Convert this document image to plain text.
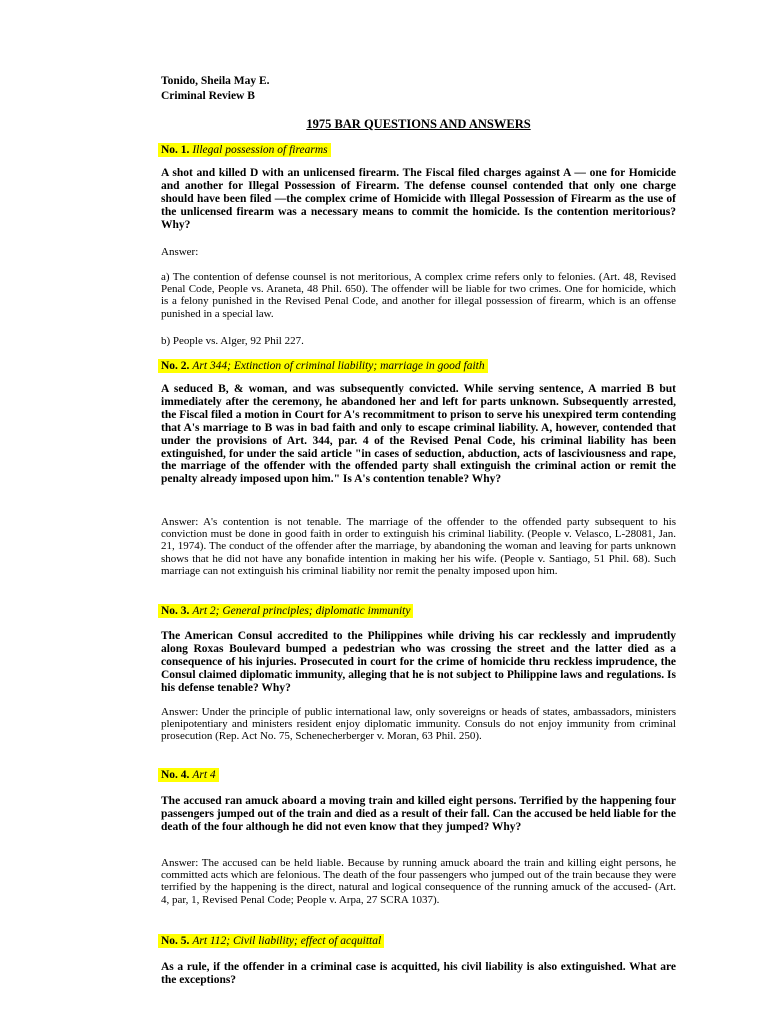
Tonido, Sheila May E.
Criminal Review B
1975 BAR QUESTIONS AND ANSWERS
No. 1. Illegal possession of firearms
A shot and killed D with an unlicensed firearm. The Fiscal filed charges against A — one for Homicide and another for Illegal Possession of Firearm. The defense counsel contended that only one charge should have been filed —the complex crime of Homicide with Illegal Possession of Firearm as the use of the unlicensed firearm was a necessary means to commit the homicide. Is the contention meritorious? Why?
Answer:
a) The contention of defense counsel is not meritorious, A complex crime refers only to felonies. (Art. 48, Revised Penal Code, People vs. Araneta, 48 Phil. 650). The offender will be liable for two crimes. One for homicide, which is a felony punished in the Revised Penal Code, and another for illegal possession of firearm, which is an offense punished in a special law.
b) People vs. Alger, 92 Phil 227.
No. 2. Art 344; Extinction of criminal liability; marriage in good faith
A seduced B, & woman, and was subsequently convicted. While serving sentence, A married B but immediately after the ceremony, he abandoned her and left for parts unknown. Subsequently arrested, the Fiscal filed a motion in Court for A's recommitment to prison to serve his unexpired term contending that A's marriage to B was in bad faith and only to escape criminal liability. A, however, contended that under the provisions of Art. 344, par. 4 of the Revised Penal Code, his criminal liability has been extinguished, for under the said article "in cases of seduction, abduction, acts of lasciviousness and rape, the marriage of the offender with the offended party shall extinguish the criminal action or remit the penalty already imposed upon him." Is A's contention tenable? Why?
Answer: A's contention is not tenable. The marriage of the offender to the offended party subsequent to his conviction must be done in good faith in order to extinguish his criminal liability. (People v. Velasco, L-28081, Jan. 21, 1974). The conduct of the offender after the marriage, by abandoning the woman and leaving for parts unknown shows that he did not have any bonafide intention in making her his wife. (People v. Santiago, 51 Phil. 68). Such marriage can not extinguish his criminal liability nor remit the penalty imposed upon him.
No. 3. Art 2; General principles; diplomatic immunity
The American Consul accredited to the Philippines while driving his car recklessly and imprudently along Roxas Boulevard bumped a pedestrian who was crossing the street and the latter died as a consequence of his injuries. Prosecuted in court for the crime of homicide thru reckless imprudence, the Consul claimed diplomatic immunity, alleging that he is not subject to Philippine laws and regulations. Is his defense tenable? Why?
Answer: Under the principle of public international law, only sovereigns or heads of states, ambassadors, ministers plenipotentiary and ministers resident enjoy diplomatic immunity. Consuls do not enjoy immunity from criminal prosecution (Rep. Act No. 75, Schenecherberger v. Moran, 63 Phil. 250).
No. 4. Art 4
The accused ran amuck aboard a moving train and killed eight persons. Terrified by the happening four passengers jumped out of the train and died as a result of their fall. Can the accused be held liable for the death of the four although he did not even know that they jumped? Why?
Answer: The accused can be held liable. Because by running amuck aboard the train and killing eight persons, he committed acts which are felonious. The death of the four passengers who jumped out of the train because they were terrified by the happening is the direct, natural and logical consequence of the running amuck of the accused- (Art. 4, par, 1, Revised Penal Code; People v. Arpa, 27 SCRA 1037).
No. 5. Art 112; Civil liability; effect of acquittal
As a rule, if the offender in a criminal case is acquitted, his civil liability is also extinguished. What are the exceptions?
